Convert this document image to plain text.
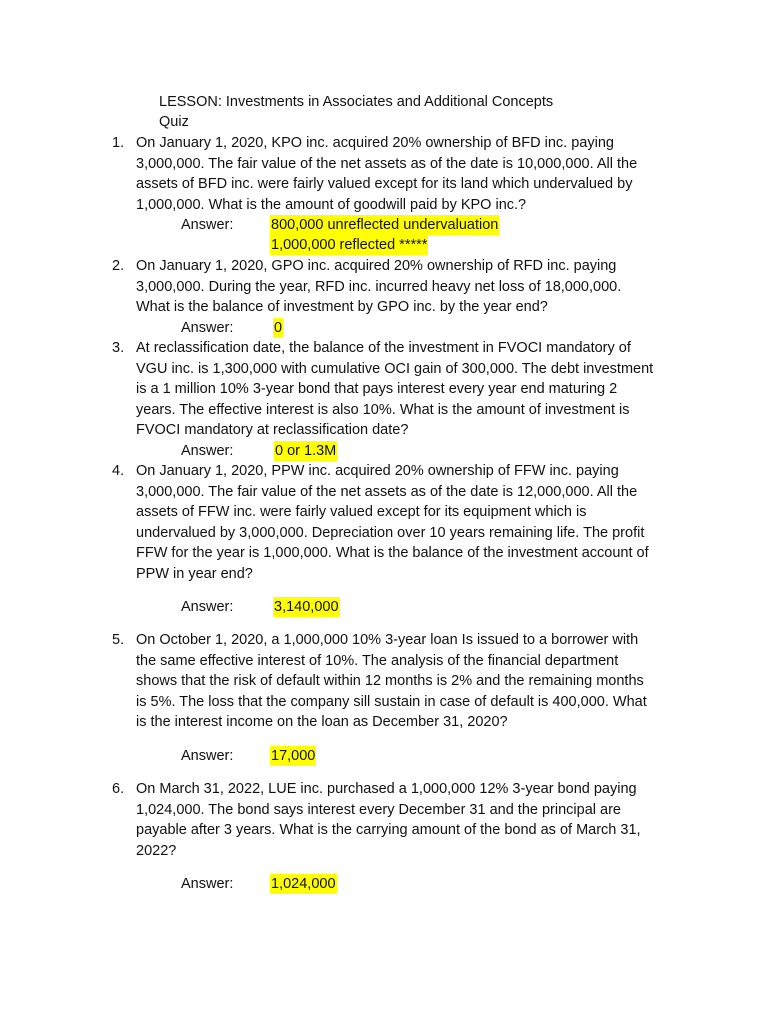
LESSON: Investments in Associates and Additional Concepts
Quiz
1. On January 1, 2020, KPO inc. acquired 20% ownership of BFD inc. paying
3,000,000. The fair value of the net assets as of the date is 10,000,000. All the
assets of BFD inc. were fairly valued except for its land which undervalued by
1,000,000. What is the amount of goodwill paid by KPO inc.?
Answer:	800,000 unreflected undervaluation
1,000,000 reflected *****
2. On January 1, 2020, GPO inc. acquired 20% ownership of RFD inc. paying
3,000,000. During the year, RFD inc. incurred heavy net loss of 18,000,000.
What is the balance of investment by GPO inc. by the year end?
Answer:	0
3. At reclassification date, the balance of the investment in FVOCI mandatory of
VGU inc. is 1,300,000 with cumulative OCI gain of 300,000. The debt investment
is a 1 million 10% 3-year bond that pays interest every year end maturing 2
years. The effective interest is also 10%. What is the amount of investment is
FVOCI mandatory at reclassification date?
Answer:	0 or 1.3M
4. On January 1, 2020, PPW inc. acquired 20% ownership of FFW inc. paying
3,000,000. The fair value of the net assets as of the date is 12,000,000. All the
assets of FFW inc. were fairly valued except for its equipment which is
undervalued by 3,000,000. Depreciation over 10 years remaining life. The profit
FFW for the year is 1,000,000. What is the balance of the investment account of
PPW in year end?
Answer:	3,140,000
5. On October 1, 2020, a 1,000,000 10% 3-year loan Is issued to a borrower with
the same effective interest of 10%. The analysis of the financial department
shows that the risk of default within 12 months is 2% and the remaining months
is 5%. The loss that the company sill sustain in case of default is 400,000. What
is the interest income on the loan as December 31, 2020?
Answer:	17,000
6. On March 31, 2022, LUE inc. purchased a 1,000,000 12% 3-year bond paying
1,024,000. The bond says interest every December 31 and the principal are
payable after 3 years. What is the carrying amount of the bond as of March 31,
2022?
Answer:	1,024,000
